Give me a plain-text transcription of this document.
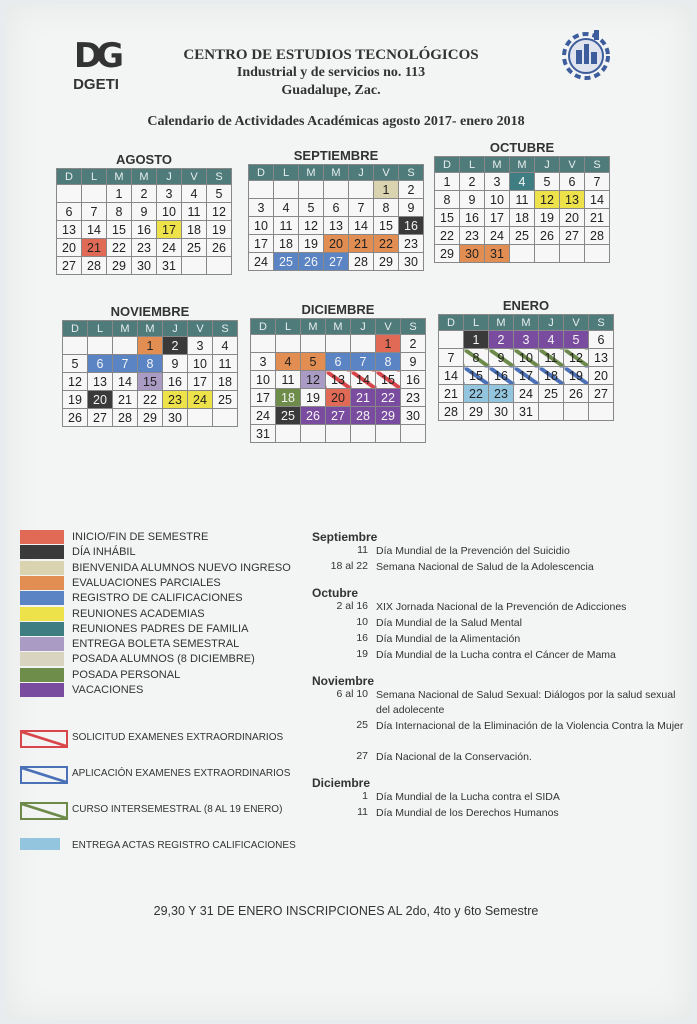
DG
DGETI
CENTRO DE ESTUDIOS TECNOLÓGICOS
Industrial y de servicios no. 113
Guadalupe, Zac.
Calendario de Actividades Académicas agosto 2017- enero 2018
AGOSTO
D	L	M	M	J	V	S
		1	2	3	4	5
6	7	8	9	10	11	12
13	14	15	16	17	18	19
20	21	22	23	24	25	26
27	28	29	30	31		
SEPTIEMBRE
D	L	M	M	J	V	S
					1	2
3	4	5	6	7	8	9
10	11	12	13	14	15	16
17	18	19	20	21	22	23
24	25	26	27	28	29	30
OCTUBRE
D	L	M	M	J	V	S
1	2	3	4	5	6	7
8	9	10	11	12	13	14
15	16	17	18	19	20	21
22	23	24	25	26	27	28
29	30	31				
NOVIEMBRE
D	L	M	M	J	V	S
			1	2	3	4
5	6	7	8	9	10	11
12	13	14	15	16	17	18
19	20	21	22	23	24	25
26	27	28	29	30		
DICIEMBRE
D	L	M	M	J	V	S
					1	2
3	4	5	6	7	8	9
10	11	12	13	14	15	16
17	18	19	20	21	22	23
24	25	26	27	28	29	30
31						
ENERO
D	L	M	M	J	V	S
	1	2	3	4	5	6
7	8	9	10	11	12	13
14	15	16	17	18	19	20
21	22	23	24	25	26	27
28	29	30	31			
INICIO/FIN DE SEMESTRE
DÍA INHÁBIL
BIENVENIDA ALUMNOS NUEVO INGRESO
EVALUACIONES PARCIALES
REGISTRO DE CALIFICACIONES
REUNIONES ACADEMIAS
REUNIONES PADRES DE FAMILIA
ENTREGA BOLETA SEMESTRAL
POSADA ALUMNOS (8 DICIEMBRE)
POSADA PERSONAL
VACACIONES
SOLICITUD EXAMENES EXTRAORDINARIOS
APLICACIÓN EXAMENES EXTRAORDINARIOS
CURSO INTERSEMESTRAL (8 AL 19 ENERO)
ENTREGA ACTAS REGISTRO CALIFICACIONES
Septiembre
11 Día Mundial de la Prevención del Suicidio
18 al 22 Semana Nacional de Salud de la Adolescencia
Octubre
2 al 16 XIX Jornada Nacional de la Prevención de Adicciones
10 Día Mundial de la Salud Mental
16 Día Mundial de la Alimentación
19 Día Mundial de la Lucha contra el Cáncer de Mama
Noviembre
6 al 10 Semana Nacional de Salud Sexual: Diálogos por la salud sexual del adolecente
25 Día Internacional de la Eliminación de la Violencia Contra la Mujer
27 Día Nacional de la Conservación.
Diciembre
1 Día Mundial de la Lucha contra el SIDA
11 Día Mundial de los Derechos Humanos
29,30 Y 31 DE ENERO INSCRIPCIONES AL 2do, 4to y 6to Semestre
